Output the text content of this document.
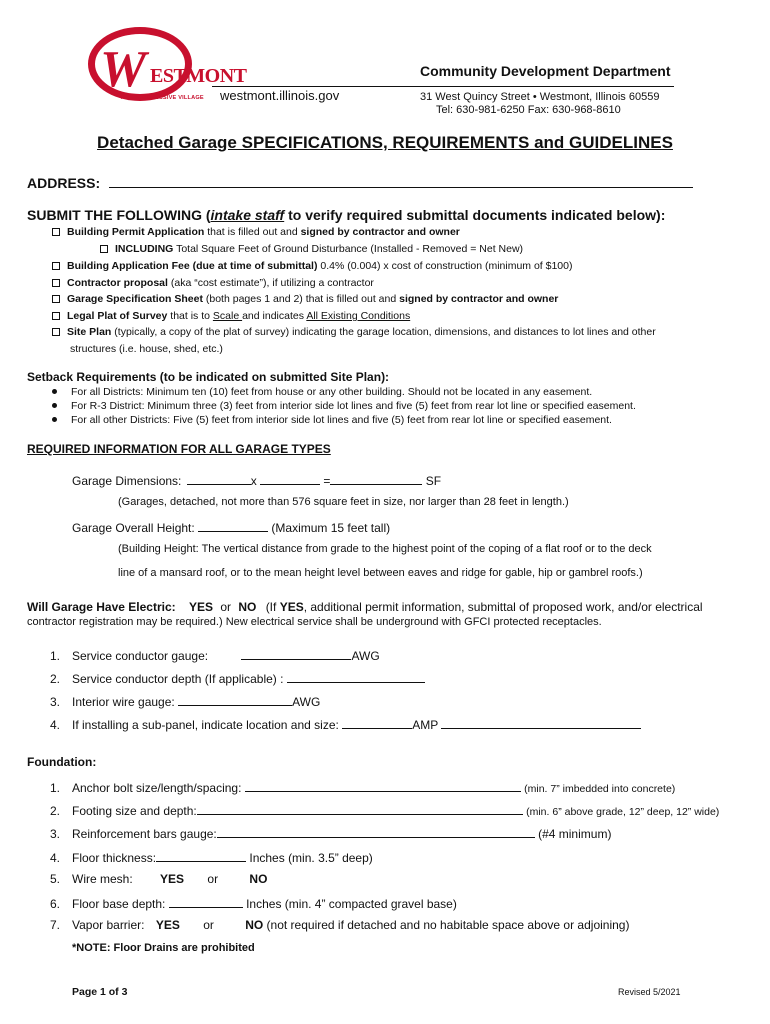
W ESTMONT
THE PROGRESSIVE VILLAGE westmont.illinois.gov
Community Development Department
31 West Quincy Street • Westmont, Illinois 60559
Tel: 630-981-6250 Fax: 630-968-8610
Detached Garage SPECIFICATIONS, REQUIREMENTS and GUIDELINES
ADDRESS:
SUBMIT THE FOLLOWING (intake staff to verify required submittal documents indicated below):
Building Permit Application that is filled out and signed by contractor and owner
INCLUDING Total Square Feet of Ground Disturbance (Installed - Removed = Net New)
Building Application Fee (due at time of submittal) 0.4% (0.004) x cost of construction (minimum of $100)
Contractor proposal (aka “cost estimate”), if utilizing a contractor
Garage Specification Sheet (both pages 1 and 2) that is filled out and signed by contractor and owner
Legal Plat of Survey that is to Scale and indicates All Existing Conditions
Site Plan (typically, a copy of the plat of survey) indicating the garage location, dimensions, and distances to lot lines and other
structures (i.e. house, shed, etc.)
Setback Requirements (to be indicated on submitted Site Plan):
For all Districts: Minimum ten (10) feet from house or any other building. Should not be located in any easement.
For R-3 District: Minimum three (3) feet from interior side lot lines and five (5) feet from rear lot line or specified easement.
For all other Districts: Five (5) feet from interior side lot lines and five (5) feet from rear lot line or specified easement.
REQUIRED INFORMATION FOR ALL GARAGE TYPES
Garage Dimensions:	x	=	SF
(Garages, detached, not more than 576 square feet in size, nor larger than 28 feet in length.)
Garage Overall Height:	(Maximum 15 feet tall)
(Building Height: The vertical distance from grade to the highest point of the coping of a flat roof or to the deck
line of a mansard roof, or to the mean height level between eaves and ridge for gable, hip or gambrel roofs.)
Will Garage Have Electric: YES or NO (If YES, additional permit information, submittal of proposed work, and/or electrical
contractor registration may be required.) New electrical service shall be underground with GFCI protected receptacles.
1. Service conductor gauge:	AWG
2. Service conductor depth (If applicable) :
3. Interior wire gauge:	AWG
4. If installing a sub-panel, indicate location and size:	AMP
Foundation:
1. Anchor bolt size/length/spacing:	(min. 7” imbedded into concrete)
2. Footing size and depth:	(min. 6” above grade, 12” deep, 12” wide)
3. Reinforcement bars gauge:	(#4 minimum)
4. Floor thickness:	Inches (min. 3.5” deep)
5. Wire mesh: YES or	NO
6. Floor base depth:	Inches (min. 4” compacted gravel base)
7. Vapor barrier: YES or	NO (not required if detached and no habitable space above or adjoining)
*NOTE: Floor Drains are prohibited
Page 1 of 3	Revised 5/2021
